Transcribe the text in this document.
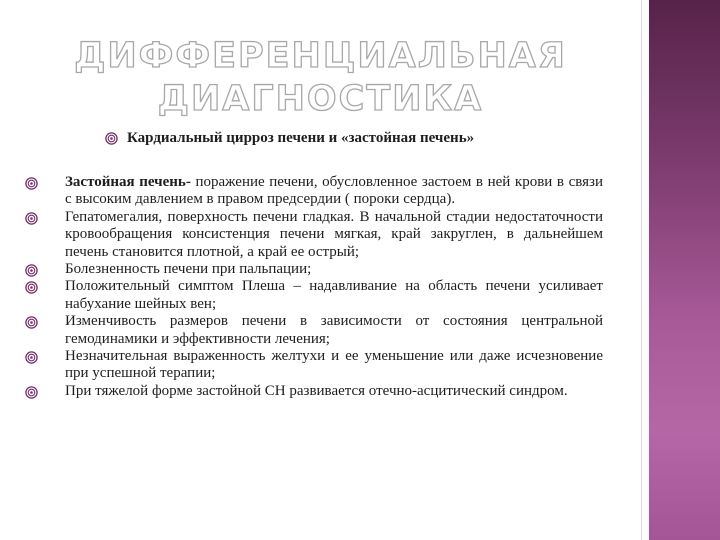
ДИФФЕРЕНЦИАЛЬНАЯ
ДИАГНОСТИКА
Кардиальный цирроз печени и «застойная печень»
Застойная печень- поражение печени, обусловленное застоем в ней крови в связи с высоким давлением в правом предсердии ( пороки сердца).
Гепатомегалия, поверхность печени гладкая. В начальной стадии недостаточности кровообращения консистенция печени мягкая, край закруглен, в дальнейшем печень становится плотной, а край ее острый;
Болезненность печени при пальпации;
Положительный симптом Плеша – надавливание на область печени усиливает набухание шейных вен;
Изменчивость размеров печени в зависимости от состояния центральной гемодинамики и эффективности лечения;
Незначительная выраженность желтухи и ее уменьшение или даже исчезновение при успешной терапии;
При тяжелой форме застойной СН развивается отечно-асцитический синдром.
